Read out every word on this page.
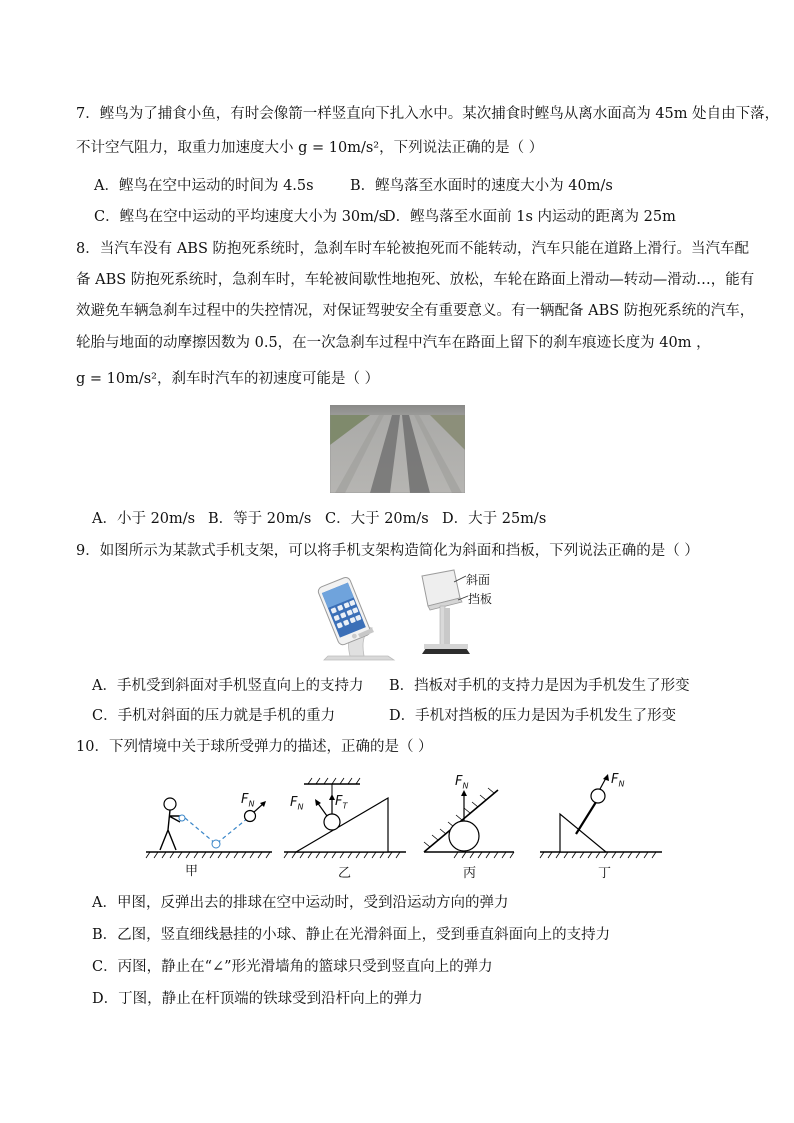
7．鲣鸟为了捕食小鱼，有时会像箭一样竖直向下扎入水中。某次捕食时鲣鸟从离水面高为 45m 处自由下落，
不计空气阻力，取重力加速度大小 g = 10m/s²，下列说法正确的是（ ）
A．鲣鸟在空中运动的时间为 4.5s	B．鲣鸟落至水面时的速度大小为 40m/s
C．鲣鸟在空中运动的平均速度大小为 30m/s
D．鲣鸟落至水面前 1s 内运动的距离为 25m
8．当汽车没有 ABS 防抱死系统时，急刹车时车轮被抱死而不能转动，汽车只能在道路上滑行。当汽车配
备 ABS 防抱死系统时，急刹车时，车轮被间歇性地抱死、放松，车轮在路面上滑动—转动—滑动…，能有
效避免车辆急刹车过程中的失控情况，对保证驾驶安全有重要意义。有一辆配备 ABS 防抱死系统的汽车，
轮胎与地面的动摩擦因数为 0.5，在一次急刹车过程中汽车在路面上留下的刹车痕迹长度为 40m ，
g = 10m/s²，刹车时汽车的初速度可能是（ ）
A．小于 20m/s B．等于 20m/s C．大于 20m/s D．大于 25m/s
9．如图所示为某款式手机支架，可以将手机支架构造简化为斜面和挡板，下列说法正确的是（ ）
斜面
挡板
A．手机受到斜面对手机竖直向上的支持力 B．挡板对手机的支持力是因为手机发生了形变
C．手机对斜面的压力就是手机的重力	D．手机对挡板的压力是因为手机发生了形变
10．下列情境中关于球所受弹力的描述，正确的是（ ）
$F_N$
甲
$F_N$ $F_T$
乙
$F_N$
丙
$F_N$
丁
A．甲图，反弹出去的排球在空中运动时，受到沿运动方向的弹力
B．乙图，竖直细线悬挂的小球、静止在光滑斜面上，受到垂直斜面向上的支持力
C．丙图，静止在“∠”形光滑墙角的篮球只受到竖直向上的弹力
D．丁图，静止在杆顶端的铁球受到沿杆向上的弹力
